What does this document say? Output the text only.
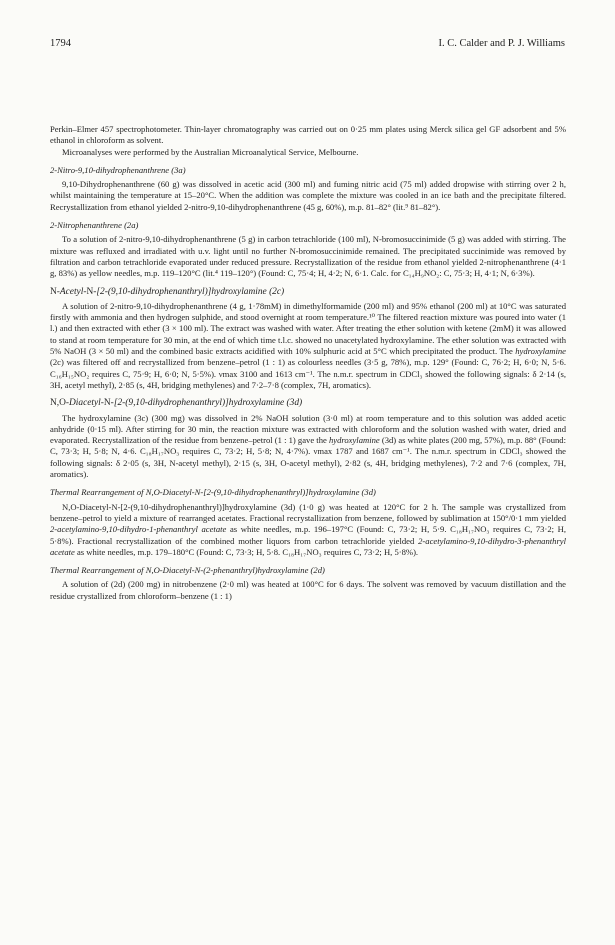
1794	I. C. Calder and P. J. Williams

Perkin–Elmer 457 spectrophotometer. Thin-layer chromatography was carried out on 0·25 mm plates using Merck silica gel GF adsorbent and 5% ethanol in chloroform as solvent.

Microanalyses were performed by the Australian Microanalytical Service, Melbourne.

2-Nitro-9,10-dihydrophenanthrene (3a)

9,10-Dihydrophenanthrene (60 g) was dissolved in acetic acid (300 ml) and fuming nitric acid (75 ml) added dropwise with stirring over 2 h, whilst maintaining the temperature at 15–20°C. When the addition was complete the mixture was cooled in an ice bath and the precipitate filtered. Recrystallization from ethanol yielded 2-nitro-9,10-dihydrophenanthrene (45 g, 60%), m.p. 81–82° (lit.⁹ 81–82°).

2-Nitrophenanthrene (2a)

To a solution of 2-nitro-9,10-dihydrophenanthrene (5 g) in carbon tetrachloride (100 ml), N-bromosuccinimide (5 g) was added with stirring. The mixture was refluxed and irradiated with u.v. light until no further N-bromosuccinimide remained. The precipitated succinimide was removed by filtration and carbon tetrachloride evaporated under reduced pressure. Recrystallization of the residue from ethanol yielded 2-nitrophenanthrene (4·1 g, 83%) as yellow needles, m.p. 119–120°C (lit.⁴ 119–120°) (Found: C, 75·4; H, 4·2; N, 6·1. Calc. for C₁₄H₉NO₂: C, 75·3; H, 4·1; N, 6·3%).

N-Acetyl-N-[2-(9,10-dihydrophenanthryl)]hydroxylamine (2c)

A solution of 2-nitro-9,10-dihydrophenanthrene (4 g, 1·78mM) in dimethylformamide (200 ml) and 95% ethanol (200 ml) at 10°C was saturated firstly with ammonia and then hydrogen sulphide, and stood overnight at room temperature.¹⁰ The filtered reaction mixture was poured into water (1 l.) and then extracted with ether (3 × 100 ml). The extract was washed with water. After treating the ether solution with ketene (2mM) it was allowed to stand at room temperature for 30 min, at the end of which time t.l.c. showed no unacetylated hydroxylamine. The ether solution was extracted with 5% NaOH (3 × 50 ml) and the combined basic extracts acidified with 10% sulphuric acid at 5°C which precipitated the product. The hydroxylamine (2c) was filtered off and recrystallized from benzene–petrol (1 : 1) as colourless needles (3·5 g, 78%), m.p. 129° (Found: C, 76·2; H, 6·0; N, 5·6. C₁₆H₁₅NO₂ requires C, 75·9; H, 6·0; N, 5·5%). νmax 3100 and 1613 cm⁻¹. The n.m.r. spectrum in CDCl₃ showed the following signals: δ 2·14 (s, 3H, acetyl methyl), 2·85 (s, 4H, bridging methylenes) and 7·2–7·8 (complex, 7H, aromatics).

N,O-Diacetyl-N-[2-(9,10-dihydrophenanthryl)]hydroxylamine (3d)

The hydroxylamine (3c) (300 mg) was dissolved in 2% NaOH solution (3·0 ml) at room temperature and to this solution was added acetic anhydride (0·15 ml). After stirring for 30 min, the reaction mixture was extracted with chloroform and the solution washed with water, dried and evaporated. Recrystallization of the residue from benzene–petrol (1 : 1) gave the hydroxylamine (3d) as white plates (200 mg, 57%), m.p. 88° (Found: C, 73·3; H, 5·8; N, 4·6. C₁₈H₁₇NO₃ requires C, 73·2; H, 5·8; N, 4·7%). νmax 1787 and 1687 cm⁻¹. The n.m.r. spectrum in CDCl₃ showed the following signals: δ 2·05 (s, 3H, N-acetyl methyl), 2·15 (s, 3H, O-acetyl methyl), 2·82 (s, 4H, bridging methylenes), 7·2 and 7·6 (complex, 7H, aromatics).

Thermal Rearrangement of N,O-Diacetyl-N-[2-(9,10-dihydrophenanthryl)]hydroxylamine (3d)

N,O-Diacetyl-N-[2-(9,10-dihydrophenanthryl)]hydroxylamine (3d) (1·0 g) was heated at 120°C for 2 h. The sample was crystallized from benzene–petrol to yield a mixture of rearranged acetates. Fractional recrystallization from benzene, followed by sublimation at 150°/0·1 mm yielded 2-acetylamino-9,10-dihydro-1-phenanthryl acetate as white needles, m.p. 196–197°C (Found: C, 73·2; H, 5·9. C₁₈H₁₇NO₃ requires C, 73·2; H, 5·8%). Fractional recrystallization of the combined mother liquors from carbon tetrachloride yielded 2-acetylamino-9,10-dihydro-3-phenanthryl acetate as white needles, m.p. 179–180°C (Found: C, 73·3; H, 5·8. C₁₈H₁₇NO₃ requires C, 73·2; H, 5·8%).

Thermal Rearrangement of N,O-Diacetyl-N-(2-phenanthryl)hydroxylamine (2d)

A solution of (2d) (200 mg) in nitrobenzene (2·0 ml) was heated at 100°C for 6 days. The solvent was removed by vacuum distillation and the residue crystallized from chloroform–benzene (1 : 1)
